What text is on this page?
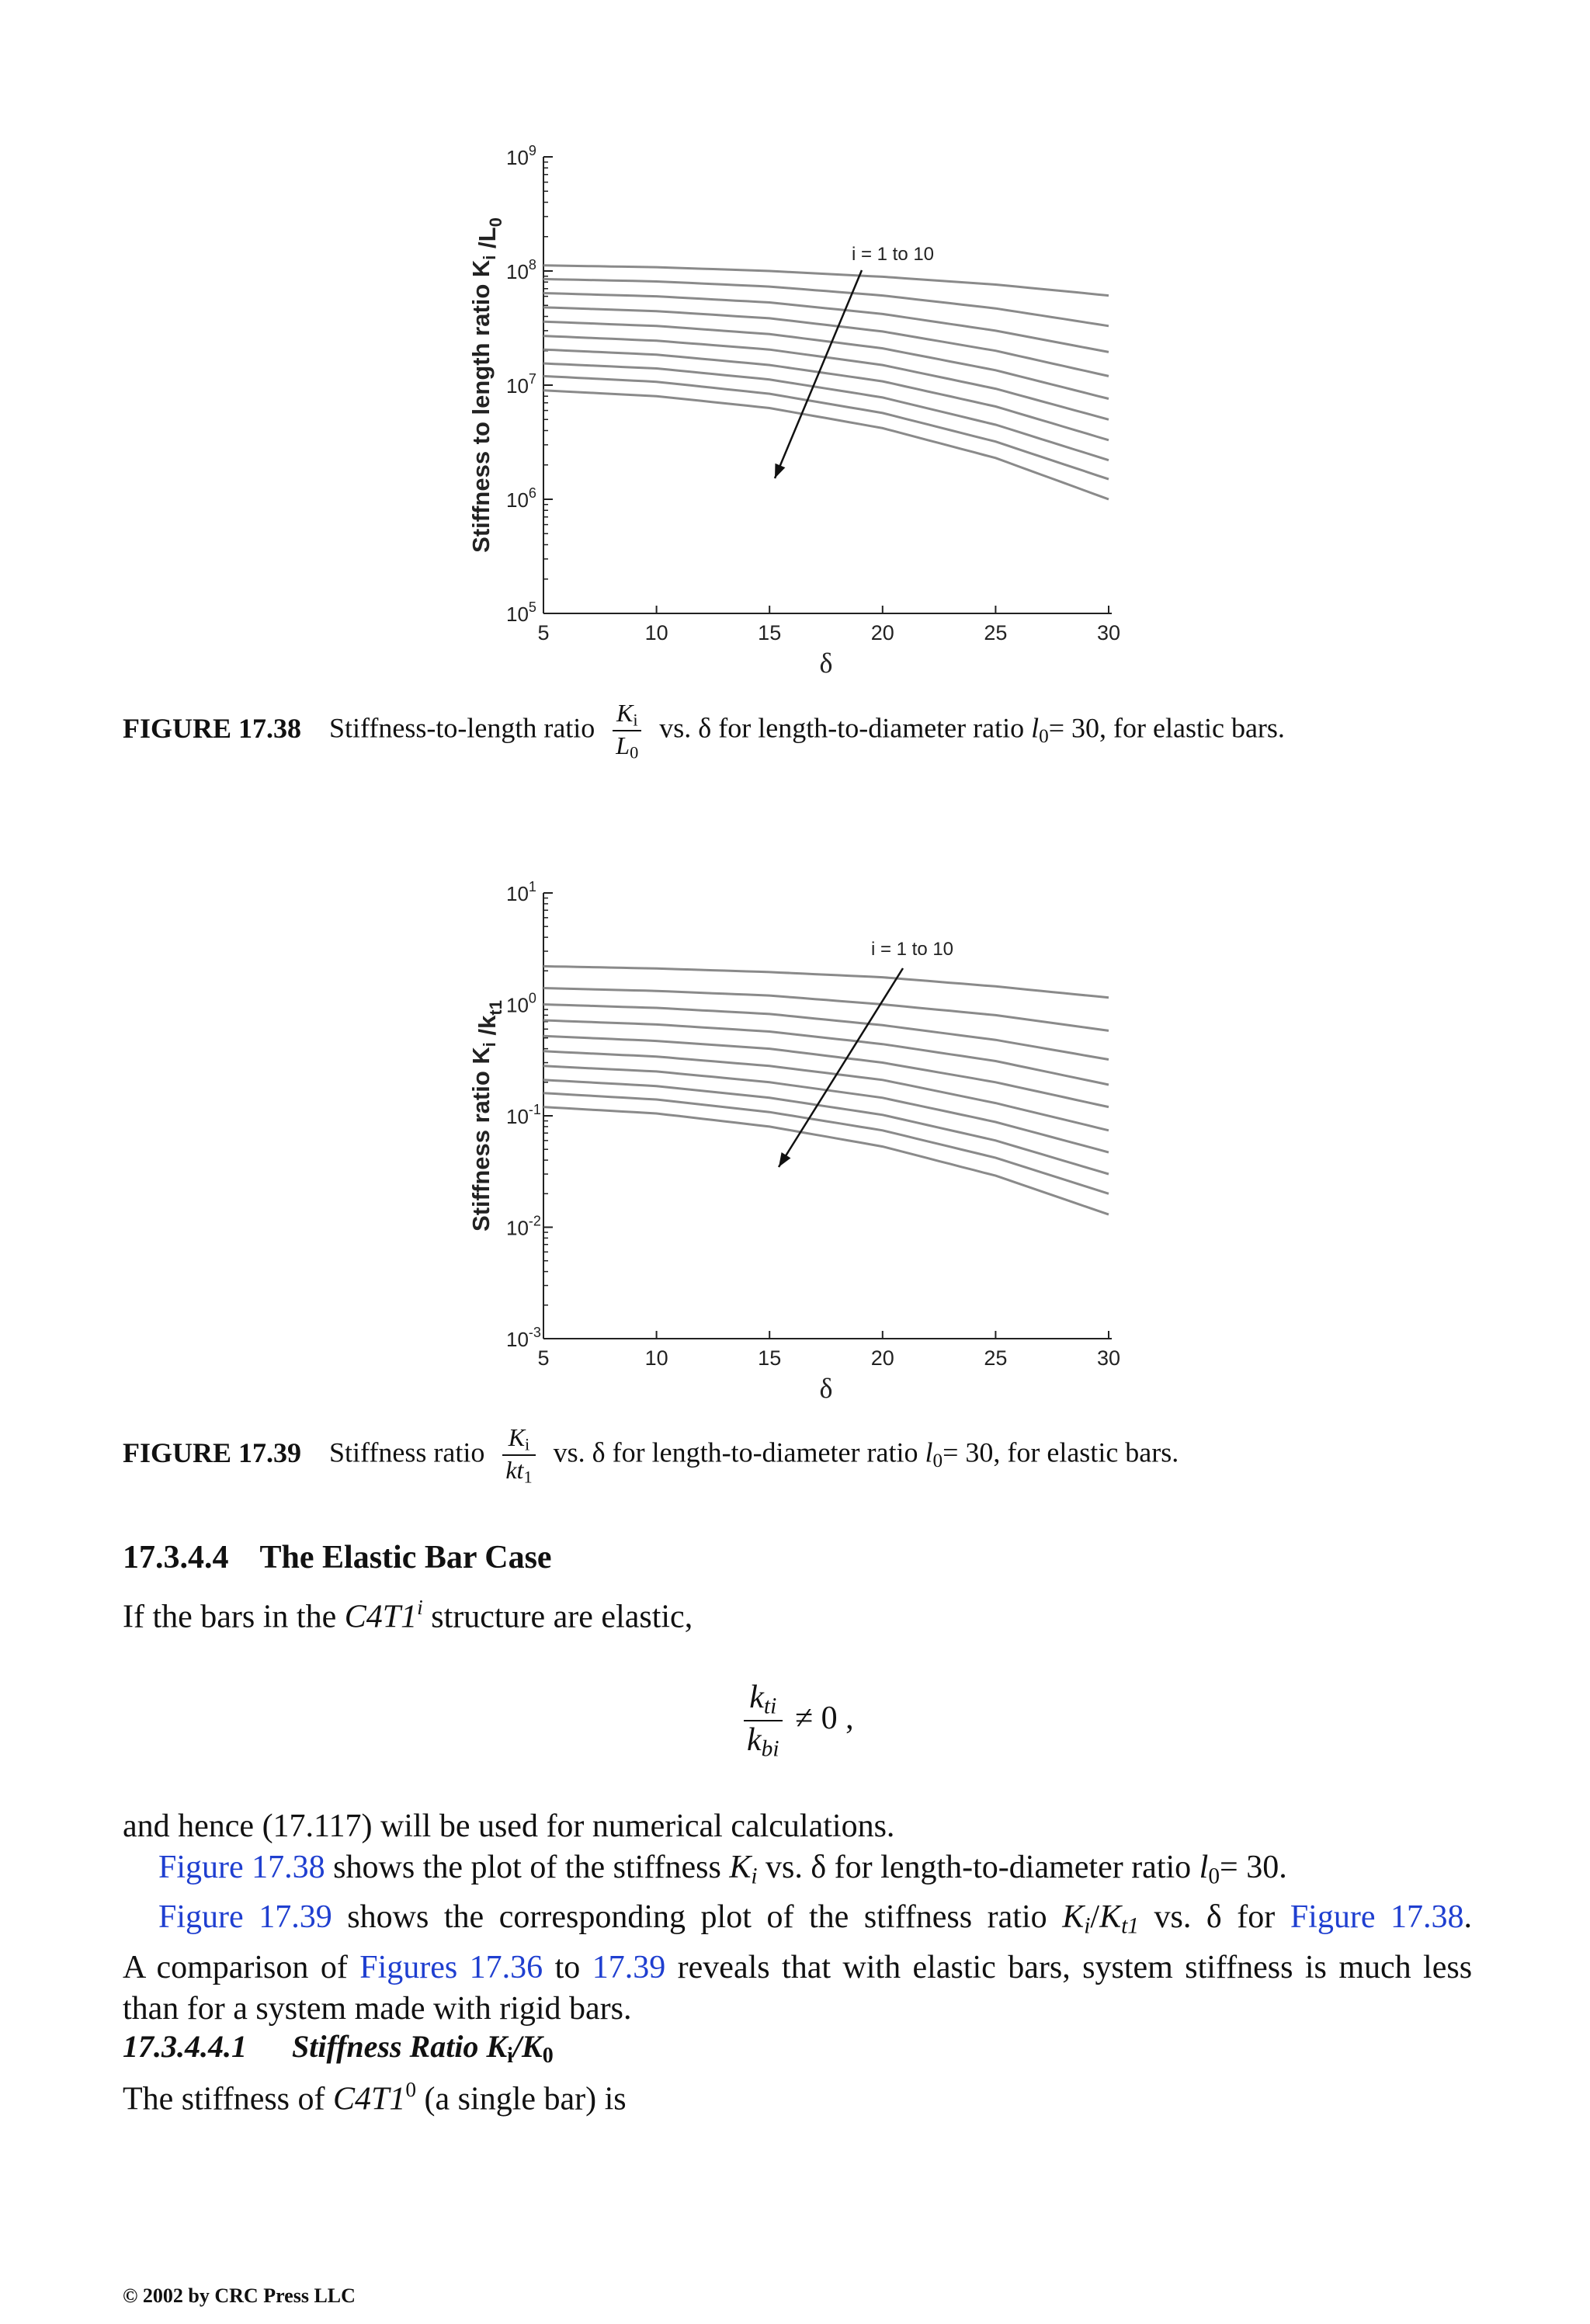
$10^5$
$10^6$
$10^7$
$10^8$
$10^9$
5	10	15	20	25	30
δ
Stiffness to length ratio $K_i$ $/L_0$
i = 1 to 10
FIGURE 17.38 Stiffness-to-length ratio $\frac{K_i}{L_0}$ vs. δ for length-to-diameter ratio $l_0= 30$, for elastic bars.
$10^{-3}$
$10^{-2}$
$10^{-1}$
$10^0$
$10^1$
5	10	15	20	25	30
δ
Stiffness ratio $K_i$ $/k_{t1}$
i = 1 to 10
FIGURE 17.39 Stiffness ratio $\frac{K_i}{kt_1}$ vs. δ for length-to-diameter ratio $l_0= 30$, for elastic bars.
17.3.4.4 The Elastic Bar Case
If the bars in the C4T1$^i$ structure are elastic,
$\frac{k_{ti}}{k_{bi}} \ne 0$ ,
and hence (17.117) will be used for numerical calculations.
Figure 17.38 shows the plot of the stiffness $K_i$ vs. δ for length-to-diameter ratio $l_0= 30$.
Figure 17.39 shows the corresponding plot of the stiffness ratio $K_i/K_{t1}$ vs. δ for Figure 17.38.
A comparison of Figures 17.36 to 17.39 reveals that with elastic bars, system stiffness is much less
than for a system made with rigid bars.
17.3.4.4.1 Stiffness Ratio $K_i/K_0$
The stiffness of $C4T1^0$ (a single bar) is
© 2002 by CRC Press LLC
